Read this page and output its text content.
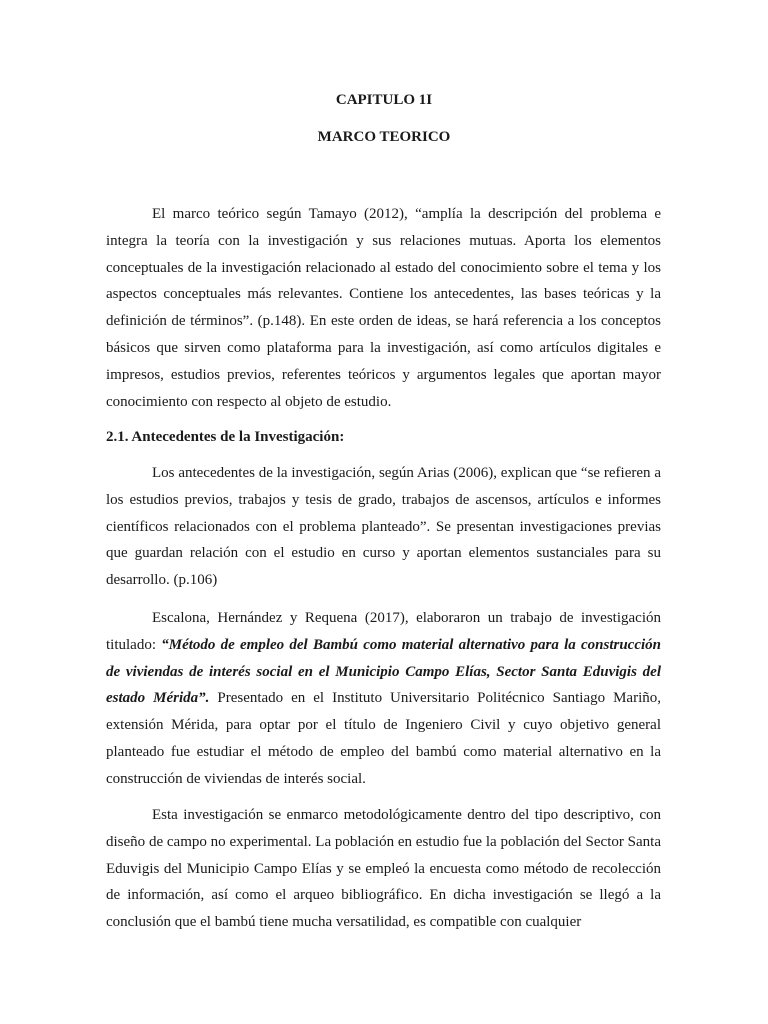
CAPITULO 1I
MARCO TEORICO

El marco teórico según Tamayo (2012), “amplía la descripción del problema e integra la teoría con la investigación y sus relaciones mutuas. Aporta los elementos conceptuales de la investigación relacionado al estado del conocimiento sobre el tema y los aspectos conceptuales más relevantes. Contiene los antecedentes, las bases teóricas y la definición de términos”. (p.148). En este orden de ideas, se hará referencia a los conceptos básicos que sirven como plataforma para la investigación, así como artículos digitales e impresos, estudios previos, referentes teóricos y argumentos legales que aportan mayor conocimiento con respecto al objeto de estudio.

2.1. Antecedentes de la Investigación:

Los antecedentes de la investigación, según Arias (2006), explican que “se refieren a los estudios previos, trabajos y tesis de grado, trabajos de ascensos, artículos e informes científicos relacionados con el problema planteado”. Se presentan investigaciones previas que guardan relación con el estudio en curso y aportan elementos sustanciales para su desarrollo. (p.106)

Escalona, Hernández y Requena (2017), elaboraron un trabajo de investigación titulado: “Método de empleo del Bambú como material alternativo para la construcción de viviendas de interés social en el Municipio Campo Elías, Sector Santa Eduvigis del estado Mérida”. Presentado en el Instituto Universitario Politécnico Santiago Mariño, extensión Mérida, para optar por el título de Ingeniero Civil y cuyo objetivo general planteado fue estudiar el método de empleo del bambú como material alternativo en la construcción de viviendas de interés social.

Esta investigación se enmarco metodológicamente dentro del tipo descriptivo, con diseño de campo no experimental. La población en estudio fue la población del Sector Santa Eduvigis del Municipio Campo Elías y se empleó la encuesta como método de recolección de información, así como el arqueo bibliográfico. En dicha investigación se llegó a la conclusión que el bambú tiene mucha versatilidad, es compatible con cualquier
